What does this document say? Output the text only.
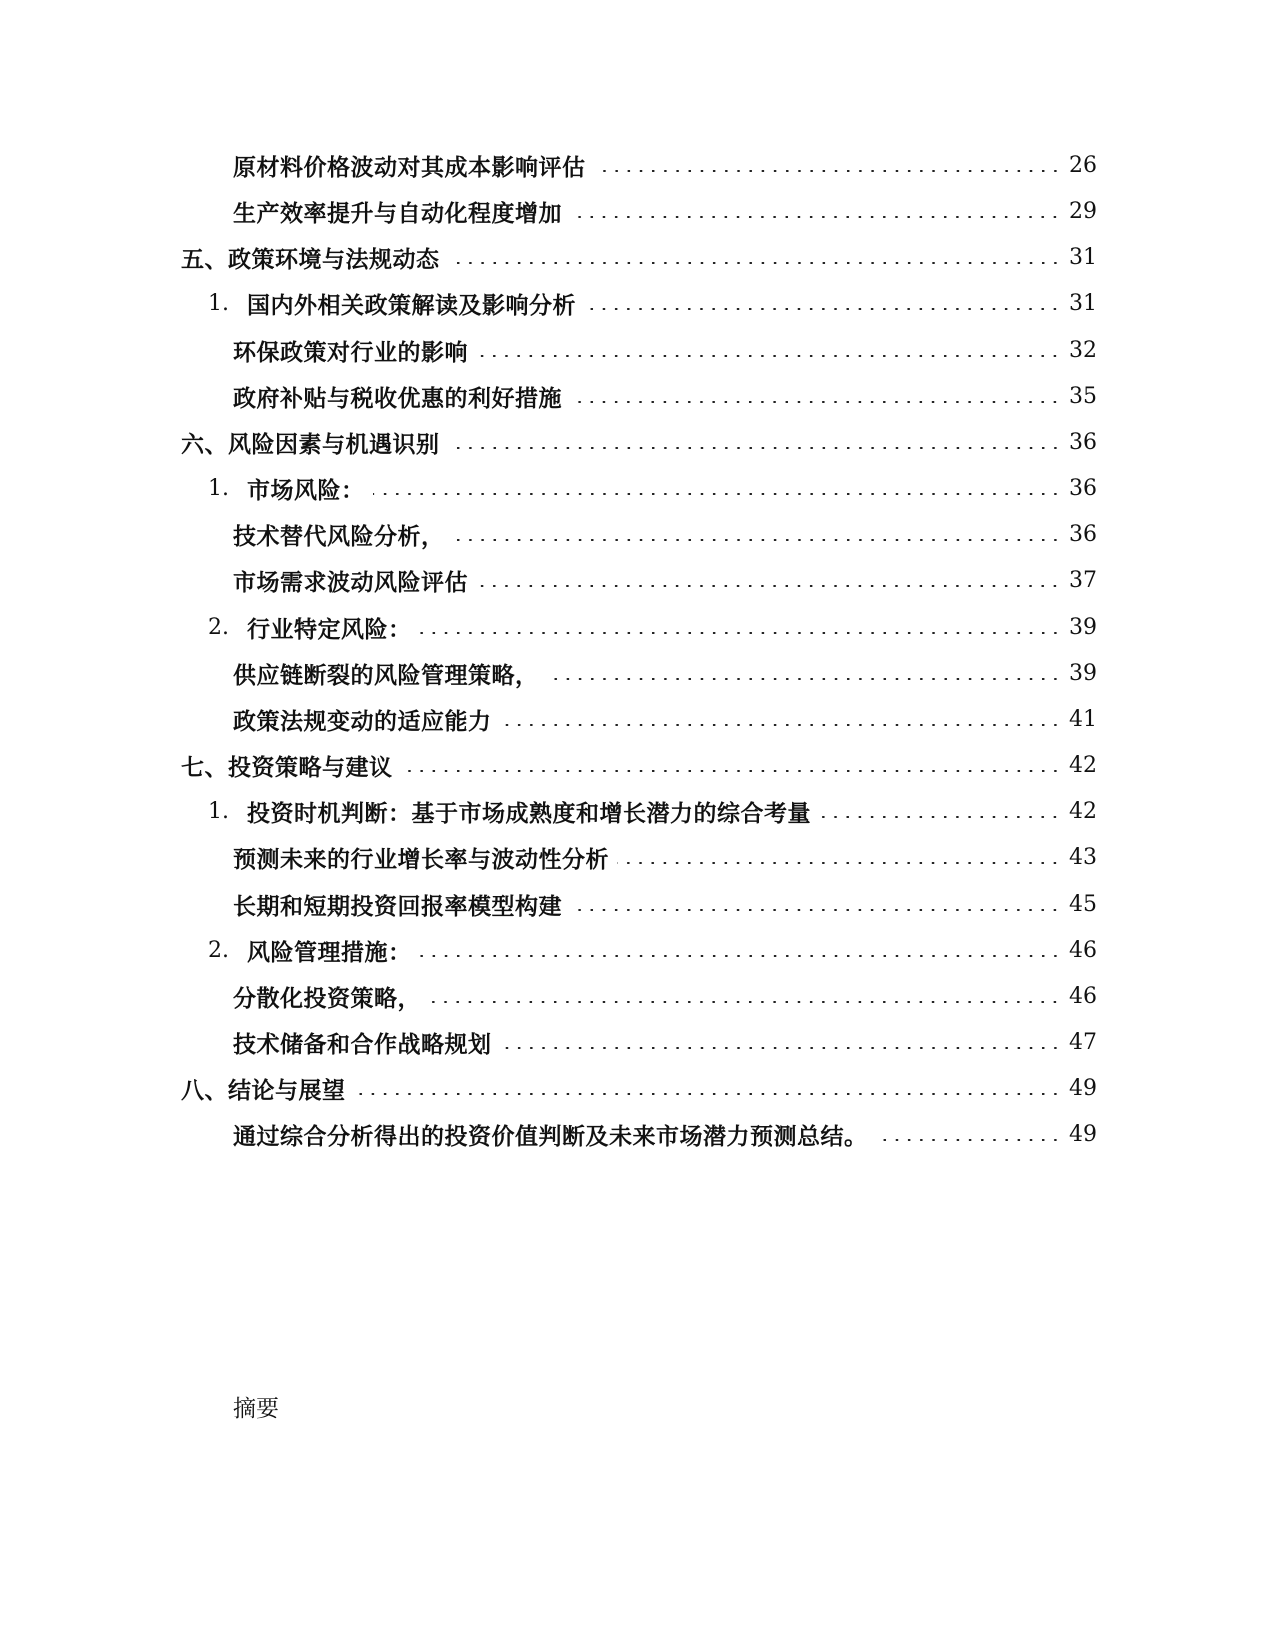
原材料价格波动对其成本影响评估	26
生产效率提升与自动化程度增加	29
五、政策环境与法规动态	31
1. 国内外相关政策解读及影响分析	31
环保政策对行业的影响	32
政府补贴与税收优惠的利好措施	35
六、风险因素与机遇识别	36
1. 市场风险：	36
技术替代风险分析，	36
市场需求波动风险评估	37
2. 行业特定风险：	39
供应链断裂的风险管理策略，	39
政策法规变动的适应能力	41
七、投资策略与建议	42
1. 投资时机判断：基于市场成熟度和增长潜力的综合考量	42
预测未来的行业增长率与波动性分析	43
长期和短期投资回报率模型构建	45
2. 风险管理措施：	46
分散化投资策略，	46
技术储备和合作战略规划	47
八、结论与展望	49
通过综合分析得出的投资价值判断及未来市场潜力预测总结。	49
摘要
